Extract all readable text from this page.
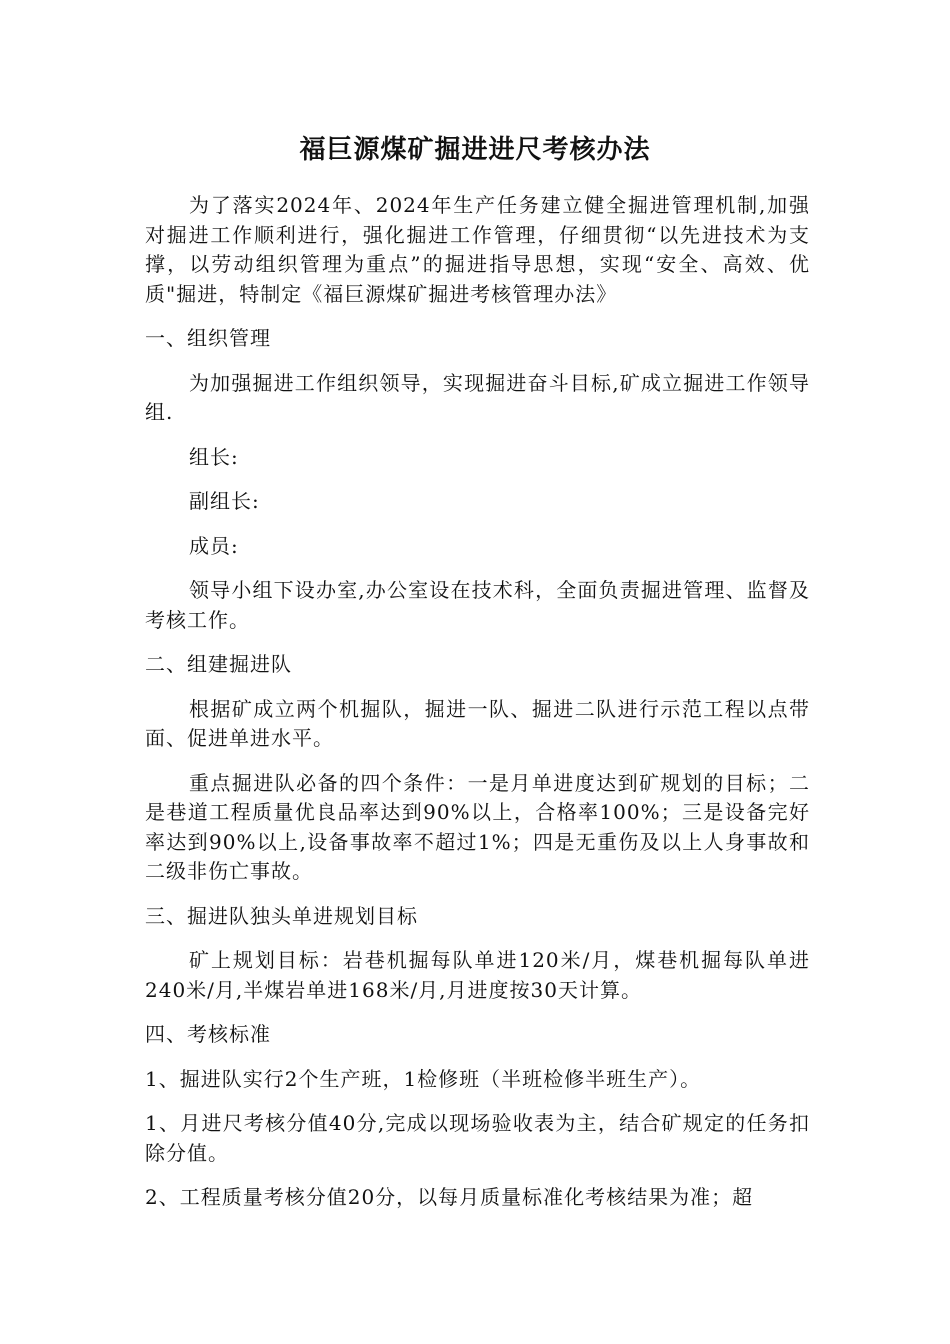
福巨源煤矿掘进进尺考核办法

为了落实2024年、2024年生产任务建立健全掘进管理机制,加强对掘进工作顺利进行，强化掘进工作管理，仔细贯彻“以先进技术为支撑，以劳动组织管理为重点”的掘进指导思想，实现“安全、高效、优质"掘进，特制定《福巨源煤矿掘进考核管理办法》

一、组织管理

为加强掘进工作组织领导，实现掘进奋斗目标,矿成立掘进工作领导组.

组长:

副组长:

成员:

领导小组下设办室,办公室设在技术科，全面负责掘进管理、监督及考核工作。

二、组建掘进队

根据矿成立两个机掘队，掘进一队、掘进二队进行示范工程以点带面、促进单进水平。

重点掘进队必备的四个条件：一是月单进度达到矿规划的目标；二是巷道工程质量优良品率达到90%以上，合格率100%；三是设备完好率达到90%以上,设备事故率不超过1%；四是无重伤及以上人身事故和二级非伤亡事故。

三、掘进队独头单进规划目标

矿上规划目标：岩巷机掘每队单进120米/月，煤巷机掘每队单进240米/月,半煤岩单进168米/月,月进度按30天计算。

四、考核标准

1、掘进队实行2个生产班，1检修班（半班检修半班生产）。

1、月进尺考核分值40分,完成以现场验收表为主，结合矿规定的任务扣除分值。

2、工程质量考核分值20分，以每月质量标准化考核结果为准；超
